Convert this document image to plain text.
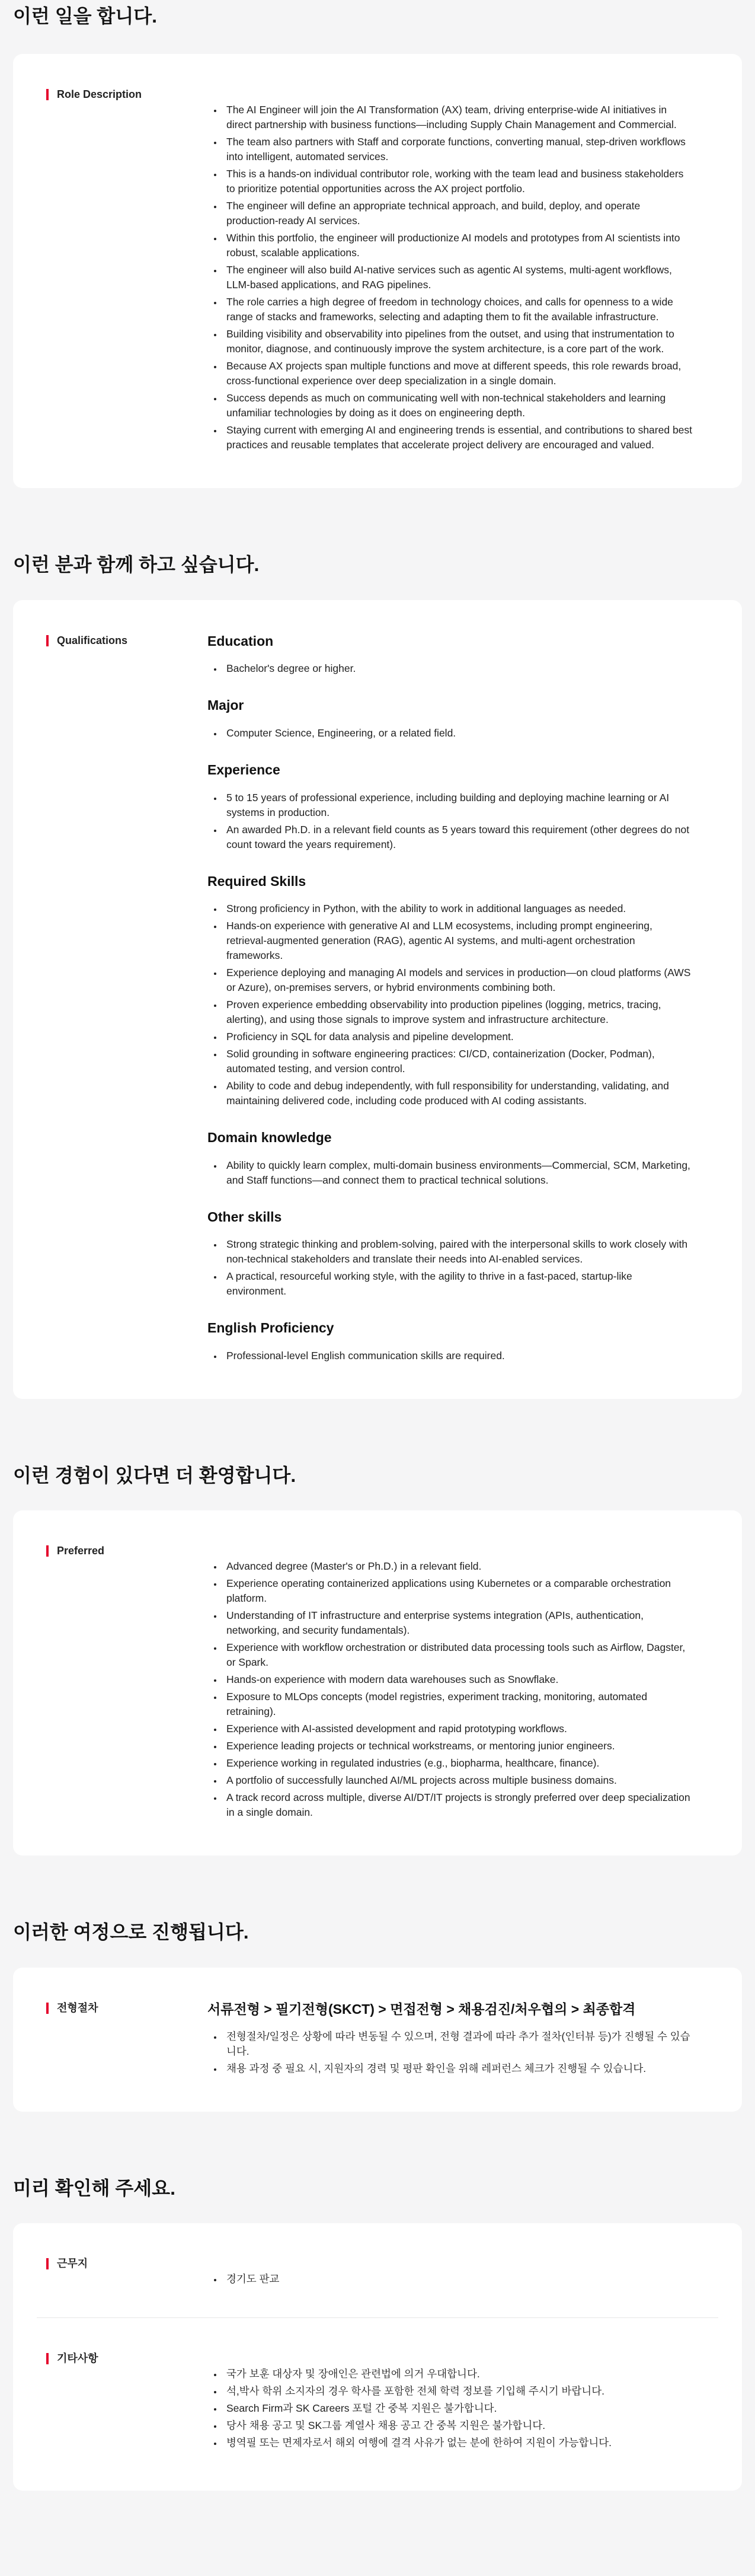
이런 일을 합니다.
Role Description
• The AI Engineer will join the AI Transformation (AX) team, driving enterprise-wide AI initiatives in direct partnership with business functions—including Supply Chain Management and Commercial.
• The team also partners with Staff and corporate functions, converting manual, step-driven workflows into intelligent, automated services.
• This is a hands-on individual contributor role, working with the team lead and business stakeholders to prioritize potential opportunities across the AX project portfolio.
• The engineer will define an appropriate technical approach, and build, deploy, and operate production-ready AI services.
• Within this portfolio, the engineer will productionize AI models and prototypes from AI scientists into robust, scalable applications.
• The engineer will also build AI-native services such as agentic AI systems, multi-agent workflows, LLM-based applications, and RAG pipelines.
• The role carries a high degree of freedom in technology choices, and calls for openness to a wide range of stacks and frameworks, selecting and adapting them to fit the available infrastructure.
• Building visibility and observability into pipelines from the outset, and using that instrumentation to monitor, diagnose, and continuously improve the system architecture, is a core part of the work.
• Because AX projects span multiple functions and move at different speeds, this role rewards broad, cross-functional experience over deep specialization in a single domain.
• Success depends as much on communicating well with non-technical stakeholders and learning unfamiliar technologies by doing as it does on engineering depth.
• Staying current with emerging AI and engineering trends is essential, and contributions to shared best practices and reusable templates that accelerate project delivery are encouraged and valued.
이런 분과 함께 하고 싶습니다.
Qualifications	Education
• Bachelor's degree or higher.
Major
• Computer Science, Engineering, or a related field.
Experience
• 5 to 15 years of professional experience, including building and deploying machine learning or AI systems in production.
• An awarded Ph.D. in a relevant field counts as 5 years toward this requirement (other degrees do not count toward the years requirement).
Required Skills
• Strong proficiency in Python, with the ability to work in additional languages as needed.
• Hands-on experience with generative AI and LLM ecosystems, including prompt engineering, retrieval-augmented generation (RAG), agentic AI systems, and multi-agent orchestration frameworks.
• Experience deploying and managing AI models and services in production—on cloud platforms (AWS or Azure), on-premises servers, or hybrid environments combining both.
• Proven experience embedding observability into production pipelines (logging, metrics, tracing, alerting), and using those signals to improve system and infrastructure architecture.
• Proficiency in SQL for data analysis and pipeline development.
• Solid grounding in software engineering practices: CI/CD, containerization (Docker, Podman), automated testing, and version control.
• Ability to code and debug independently, with full responsibility for understanding, validating, and maintaining delivered code, including code produced with AI coding assistants.
Domain knowledge
• Ability to quickly learn complex, multi-domain business environments—Commercial, SCM, Marketing, and Staff functions—and connect them to practical technical solutions.
Other skills
• Strong strategic thinking and problem-solving, paired with the interpersonal skills to work closely with non-technical stakeholders and translate their needs into AI-enabled services.
• A practical, resourceful working style, with the agility to thrive in a fast-paced, startup-like environment.
English Proficiency
• Professional-level English communication skills are required.
이런 경험이 있다면 더 환영합니다.
Preferred
• Advanced degree (Master's or Ph.D.) in a relevant field.
• Experience operating containerized applications using Kubernetes or a comparable orchestration platform.
• Understanding of IT infrastructure and enterprise systems integration (APIs, authentication, networking, and security fundamentals).
• Experience with workflow orchestration or distributed data processing tools such as Airflow, Dagster, or Spark.
• Hands-on experience with modern data warehouses such as Snowflake.
• Exposure to MLOps concepts (model registries, experiment tracking, monitoring, automated retraining).
• Experience with AI-assisted development and rapid prototyping workflows.
• Experience leading projects or technical workstreams, or mentoring junior engineers.
• Experience working in regulated industries (e.g., biopharma, healthcare, finance).
• A portfolio of successfully launched AI/ML projects across multiple business domains.
• A track record across multiple, diverse AI/DT/IT projects is strongly preferred over deep specialization in a single domain.
이러한 여정으로 진행됩니다.
전형절차	서류전형 > 필기전형(SKCT) > 면접전형 > 채용검진/처우협의 > 최종합격
• 전형절차/일정은 상황에 따라 변동될 수 있으며, 전형 결과에 따라 추가 절차(인터뷰 등)가 진행될 수 있습니다.
• 채용 과정 중 필요 시, 지원자의 경력 및 평판 확인을 위해 레퍼런스 체크가 진행될 수 있습니다.
미리 확인해 주세요.
근무지
• 경기도 판교
기타사항
• 국가 보훈 대상자 및 장애인은 관련법에 의거 우대합니다.
• 석,박사 학위 소지자의 경우 학사를 포함한 전체 학력 정보를 기입해 주시기 바랍니다.
• Search Firm과 SK Careers 포털 간 중복 지원은 불가합니다.
• 당사 채용 공고 및 SK그룹 계열사 채용 공고 간 중복 지원은 불가합니다.
• 병역필 또는 면제자로서 해외 여행에 결격 사유가 없는 분에 한하여 지원이 가능합니다.
